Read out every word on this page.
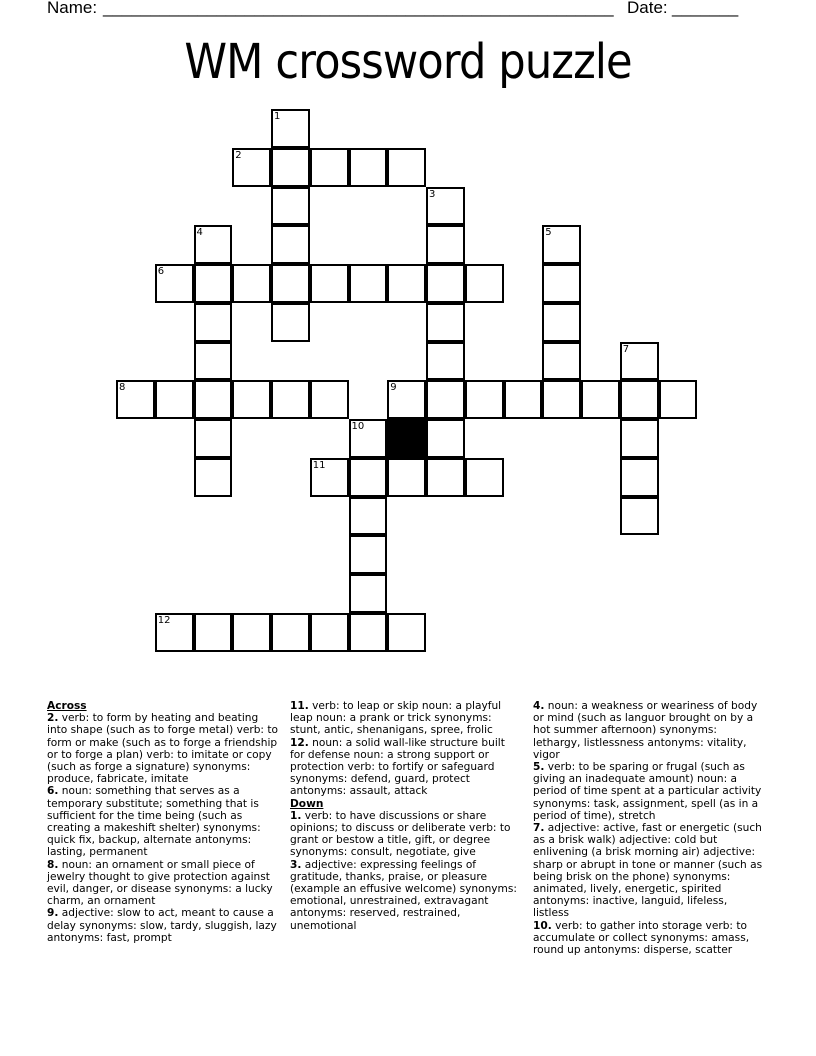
Name:

______________________________________________________

Date:

_______

WM crossword puzzle
1
2
3
4	5
6
7
8	9
10
11
12
Across

2. verb: to form by heating and beating into shape (such as to forge metal) verb: to form or make (such as to forge a friendship or to forge a plan) verb: to imitate or copy (such as forge a signature) synonyms: produce, fabricate, imitate

6. noun: something that serves as a temporary substitute; something that is sufficient for the time being (such as creating a makeshift shelter) synonyms: quick fix, backup, alternate antonyms: lasting, permanent

8. noun: an ornament or small piece of jewelry thought to give protection against evil, danger, or disease synonyms: a lucky charm, an ornament

9. adjective: slow to act, meant to cause a delay synonyms: slow, tardy, sluggish, lazy antonyms: fast, prompt

11. verb: to leap or skip noun: a playful leap noun: a prank or trick synonyms: stunt, antic, shenanigans, spree, frolic

12. noun: a solid wall-like structure built for defense noun: a strong support or protection verb: to fortify or safeguard synonyms: defend, guard, protect antonyms: assault, attack

Down

1. verb: to have discussions or share opinions; to discuss or deliberate verb: to grant or bestow a title, gift, or degree synonyms: consult, negotiate, give

3. adjective: expressing feelings of gratitude, thanks, praise, or pleasure (example an effusive welcome) synonyms: emotional, unrestrained, extravagant antonyms: reserved, restrained, unemotional

4. noun: a weakness or weariness of body or mind (such as languor brought on by a hot summer afternoon) synonyms: lethargy, listlessness antonyms: vitality, vigor

5. verb: to be sparing or frugal (such as giving an inadequate amount) noun: a period of time spent at a particular activity synonyms: task, assignment, spell (as in a period of time), stretch

7. adjective: active, fast or energetic (such as a brisk walk) adjective: cold but enlivening (a brisk morning air) adjective: sharp or abrupt in tone or manner (such as being brisk on the phone) synonyms: animated, lively, energetic, spirited antonyms: inactive, languid, lifeless, listless

10. verb: to gather into storage verb: to accumulate or collect synonyms: amass, round up antonyms: disperse, scatter
